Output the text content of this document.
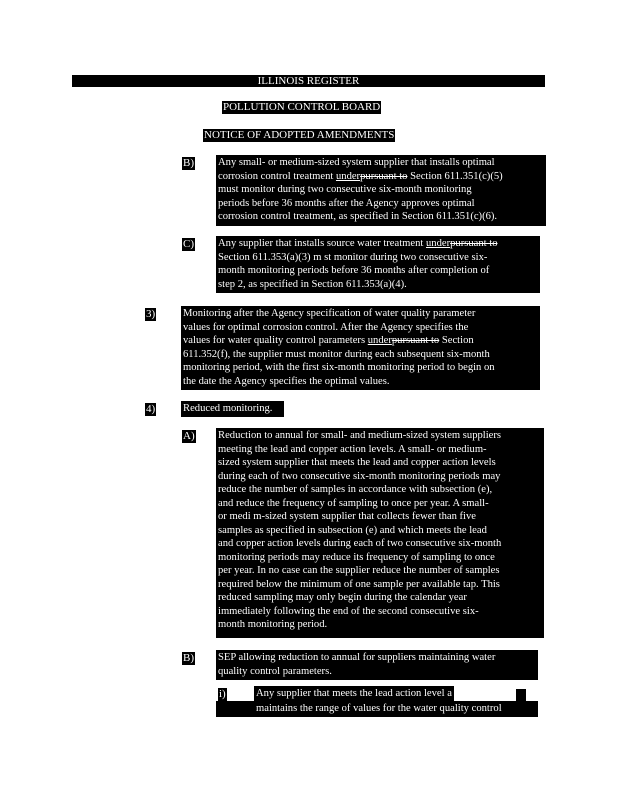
ILLINOIS REGISTER
POLLUTION CONTROL BOARD
NOTICE OF ADOPTED AMENDMENTS
B) Any small- or medium-sized system supplier that installs optimal
corrosion control treatment underpursuant to Section 611.351(c)(5)
must monitor during two consecutive six-month monitoring
periods before 36 months after the Agency approves optimal
corrosion control treatment, as specified in Section 611.351(c)(6).
C) Any supplier that installs source water treatment underpursuant to
Section 611.353(a)(3) m st monitor during two consecutive six-
month monitoring periods before 36 months after completion of
step 2, as specified in Section 611.353(a)(4).
3)	Monitoring after the Agency specification of water quality parameter
values for optimal corrosion control. After the Agency specifies the
values for water quality control parameters underpursuant to Section
611.352(f), the supplier must monitor during each subsequent six-month
monitoring period, with the first six-month monitoring period to begin on
the date the Agency specifies the optimal values.
4)	Reduced monitoring.
A) Reduction to annual for small- and medium-sized system suppliers
meeting the lead and copper action levels. A small- or medium-
sized system supplier that meets the lead and copper action levels
during each of two consecutive six-month monitoring periods may
reduce the number of samples in accordance with subsection (e),
and reduce the frequency of sampling to once per year. A small-
or medi m-sized system supplier that collects fewer than five
samples as specified in subsection (e) and which meets the lead
and copper action levels during each of two consecutive six-month
monitoring periods may reduce its frequency of sampling to once
per year. In no case can the supplier reduce the number of samples
required below the minimum of one sample per available tap. This
reduced sampling may only begin during the calendar year
immediately following the end of the second consecutive six-
month monitoring period.
B) SEP allowing reduction to annual for suppliers maintaining water
quality control parameters.
i)	Any supplier that meets the lead action level a
maintains the range of values for the water quality control
